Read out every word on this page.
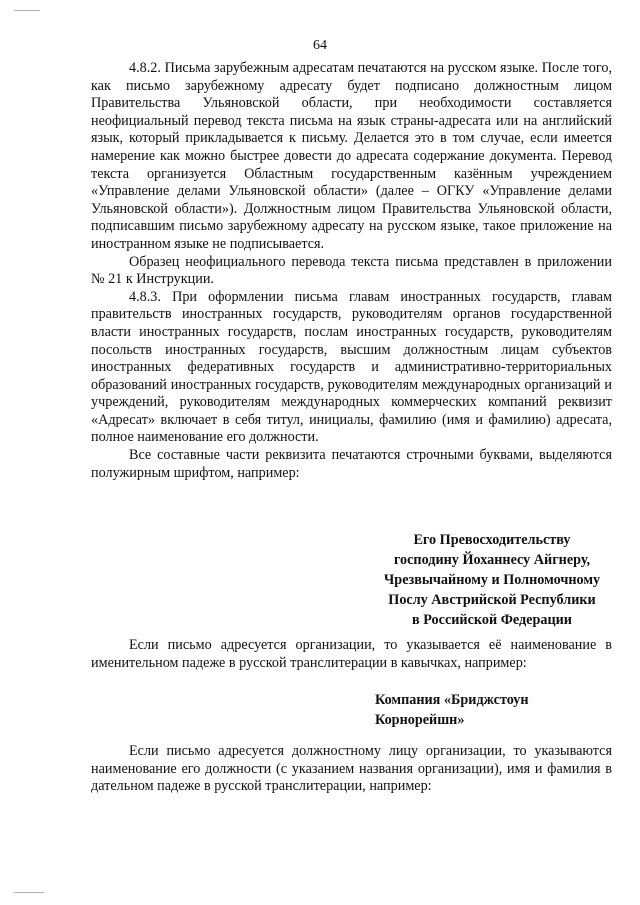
64

4.8.2. Письма зарубежным адресатам печатаются на русском языке. После того, как письмо зарубежному адресату будет подписано должностным лицом Правительства Ульяновской области, при необходимости составляется неофициальный перевод текста письма на язык страны-адресата или на английский язык, который прикладывается к письму. Делается это в том случае, если имеется намерение как можно быстрее довести до адресата содержание документа. Перевод текста организуется Областным государственным казённым учреждением «Управление делами Ульяновской области» (далее – ОГКУ «Управление делами Ульяновской области»). Должностным лицом Правительства Ульяновской области, подписавшим письмо зарубежному адресату на русском языке, такое приложение на иностранном языке не подписывается.

Образец неофициального перевода текста письма представлен в приложении № 21 к Инструкции.

4.8.3. При оформлении письма главам иностранных государств, главам правительств иностранных государств, руководителям органов государственной власти иностранных государств, послам иностранных государств, руководителям посольств иностранных государств, высшим должностным лицам субъектов иностранных федеративных государств и административно-территориальных образований иностранных государств, руководителям международных организаций и учреждений, руководителям международных коммерческих компаний реквизит «Адресат» включает в себя титул, инициалы, фамилию (имя и фамилию) адресата, полное наименование его должности.

Все составные части реквизита печатаются строчными буквами, выделяются полужирным шрифтом, например:

Его Превосходительству
господину Йоханнесу Айгнеру,
Чрезвычайному и Полномочному
Послу Австрийской Республики
в Российской Федерации

Если письмо адресуется организации, то указывается её наименование в именительном падеже в русской транслитерации в кавычках, например:

Компания «Бриджстоун
Корнорейшн»

Если письмо адресуется должностному лицу организации, то указываются наименование его должности (с указанием названия организации), имя и фамилия в дательном падеже в русской транслитерации, например:
